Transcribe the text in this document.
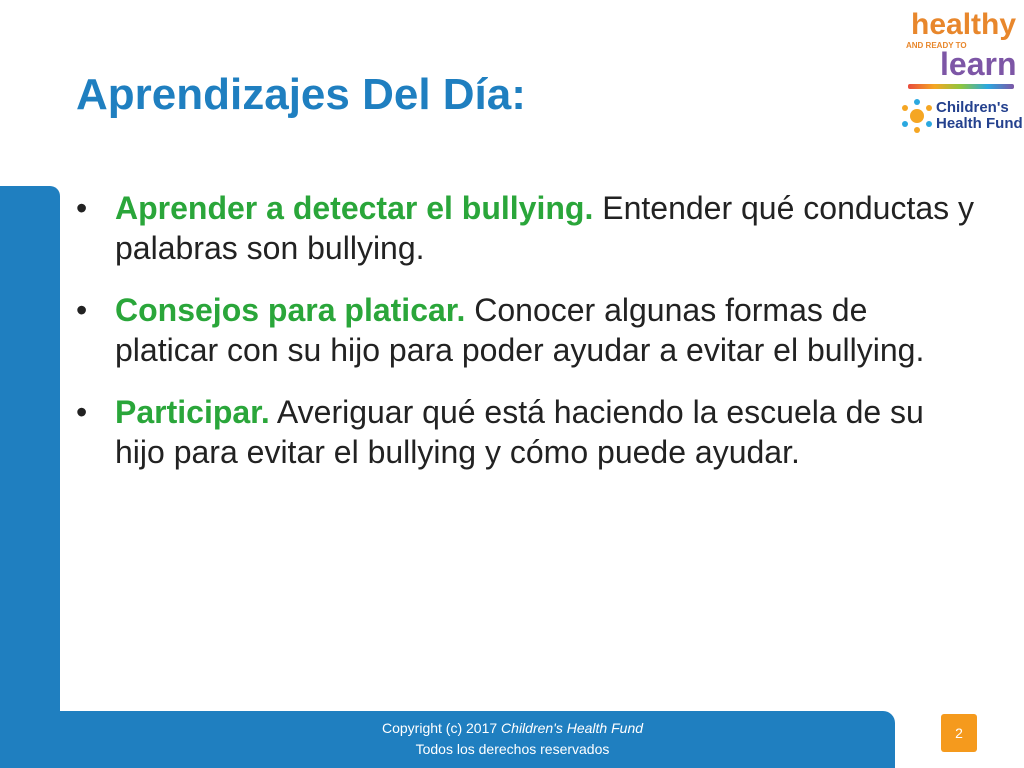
Aprendizajes Del Día:
• Aprender a detectar el bullying. Entender qué conductas y palabras son bullying.
• Consejos para platicar. Conocer algunas formas de platicar con su hijo para poder ayudar a evitar el bullying.
• Participar. Averiguar qué está haciendo la escuela de su hijo para evitar el bullying y cómo puede ayudar.
Copyright (c) 2017 Children's Health Fund
Todos los derechos reservados
2
healthy
AND READY TO
learn
Children's
Health Fund
